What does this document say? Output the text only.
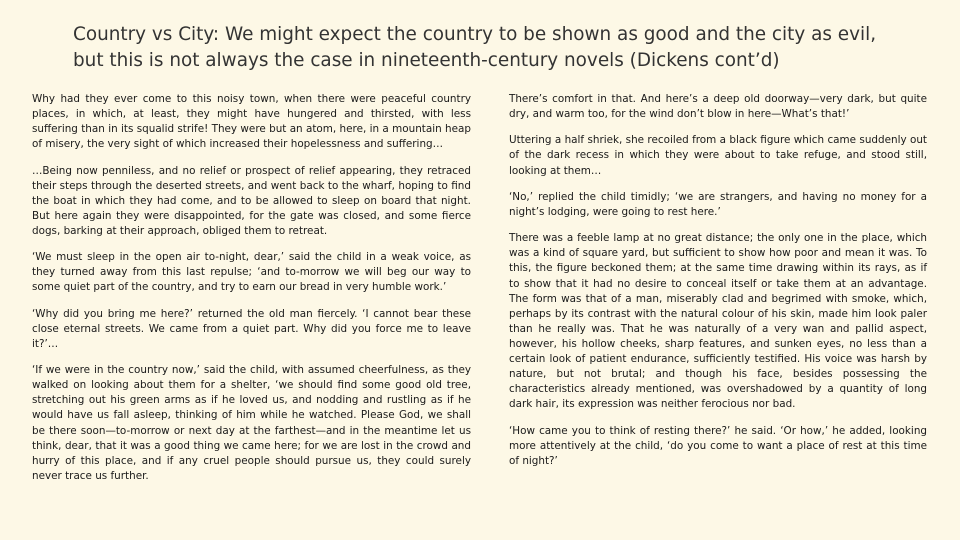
Country vs City: We might expect the country to be shown as good and the city as evil, but this is not always the case in nineteenth-century novels (Dickens cont’d)

Why had they ever come to this noisy town, when there were peaceful country places, in which, at least, they might have hungered and thirsted, with less suffering than in its squalid strife! They were but an atom, here, in a mountain heap of misery, the very sight of which increased their hopelessness and suffering…

…Being now penniless, and no relief or prospect of relief appearing, they retraced their steps through the deserted streets, and went back to the wharf, hoping to find the boat in which they had come, and to be allowed to sleep on board that night. But here again they were disappointed, for the gate was closed, and some fierce dogs, barking at their approach, obliged them to retreat.

‘We must sleep in the open air to-night, dear,’ said the child in a weak voice, as they turned away from this last repulse; ‘and to-morrow we will beg our way to some quiet part of the country, and try to earn our bread in very humble work.’

‘Why did you bring me here?’ returned the old man fiercely. ‘I cannot bear these close eternal streets. We came from a quiet part. Why did you force me to leave it?’…

‘If we were in the country now,’ said the child, with assumed cheerfulness, as they walked on looking about them for a shelter, ‘we should find some good old tree, stretching out his green arms as if he loved us, and nodding and rustling as if he would have us fall asleep, thinking of him while he watched. Please God, we shall be there soon—to-morrow or next day at the farthest—and in the meantime let us think, dear, that it was a good thing we came here; for we are lost in the crowd and hurry of this place, and if any cruel people should pursue us, they could surely never trace us further.

There’s comfort in that. And here’s a deep old doorway—very dark, but quite dry, and warm too, for the wind don’t blow in here—What’s that!’

Uttering a half shriek, she recoiled from a black figure which came suddenly out of the dark recess in which they were about to take refuge, and stood still, looking at them…

‘No,’ replied the child timidly; ‘we are strangers, and having no money for a night’s lodging, were going to rest here.’

There was a feeble lamp at no great distance; the only one in the place, which was a kind of square yard, but sufficient to show how poor and mean it was. To this, the figure beckoned them; at the same time drawing within its rays, as if to show that it had no desire to conceal itself or take them at an advantage. The form was that of a man, miserably clad and begrimed with smoke, which, perhaps by its contrast with the natural colour of his skin, made him look paler than he really was. That he was naturally of a very wan and pallid aspect, however, his hollow cheeks, sharp features, and sunken eyes, no less than a certain look of patient endurance, sufficiently testified. His voice was harsh by nature, but not brutal; and though his face, besides possessing the characteristics already mentioned, was overshadowed by a quantity of long dark hair, its expression was neither ferocious nor bad.

‘How came you to think of resting there?’ he said. ‘Or how,’ he added, looking more attentively at the child, ‘do you come to want a place of rest at this time of night?’
